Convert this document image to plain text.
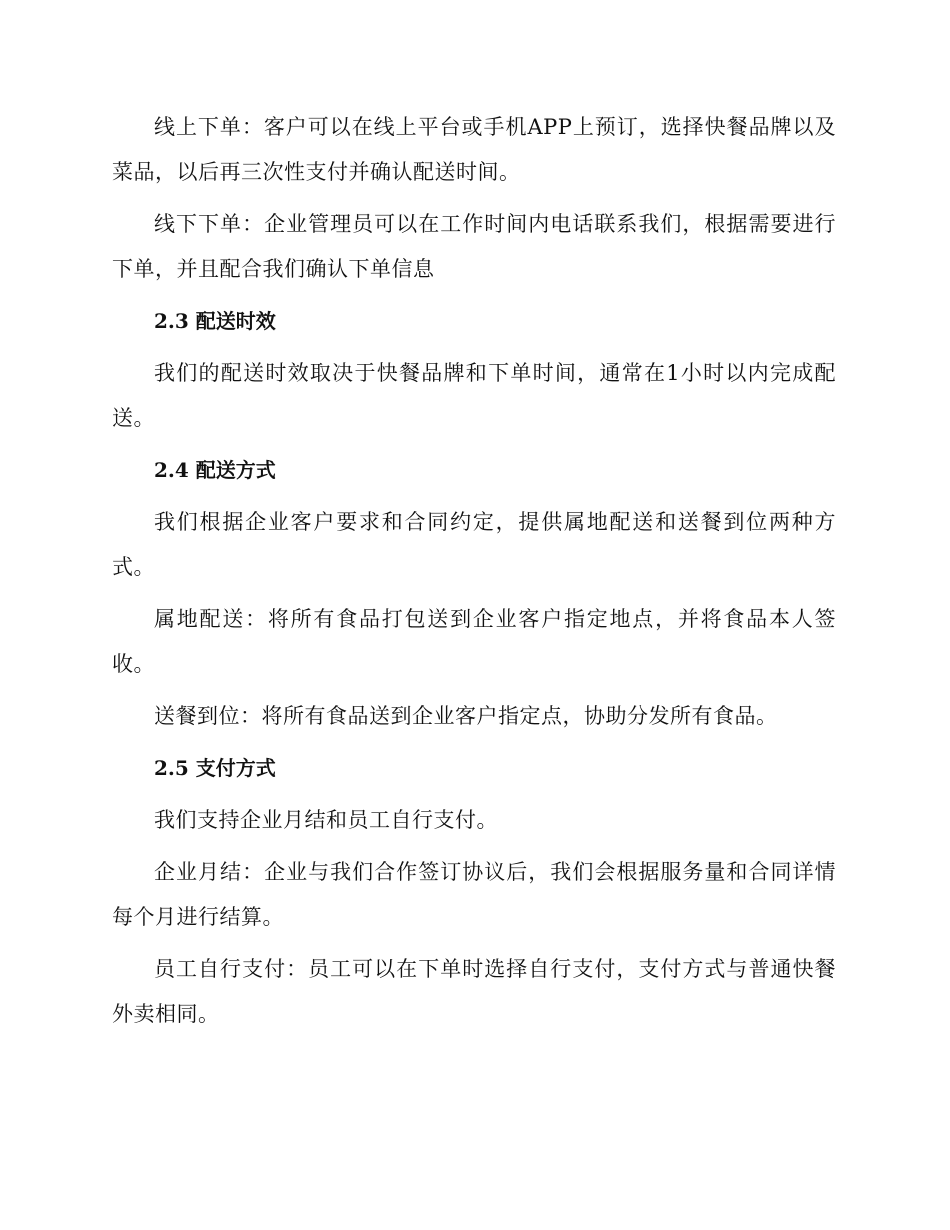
线上下单：客户可以在线上平台或手机APP上预订，选择快餐品牌以及菜品，以后再三次性支付并确认配送时间。

线下下单：企业管理员可以在工作时间内电话联系我们，根据需要进行下单，并且配合我们确认下单信息

2.3 配送时效

我们的配送时效取决于快餐品牌和下单时间，通常在1小时以内完成配送。

2.4 配送方式

我们根据企业客户要求和合同约定，提供属地配送和送餐到位两种方式。

属地配送：将所有食品打包送到企业客户指定地点，并将食品本人签收。

送餐到位：将所有食品送到企业客户指定点，协助分发所有食品。

2.5 支付方式

我们支持企业月结和员工自行支付。

企业月结：企业与我们合作签订协议后，我们会根据服务量和合同详情每个月进行结算。

员工自行支付：员工可以在下单时选择自行支付，支付方式与普通快餐外卖相同。
